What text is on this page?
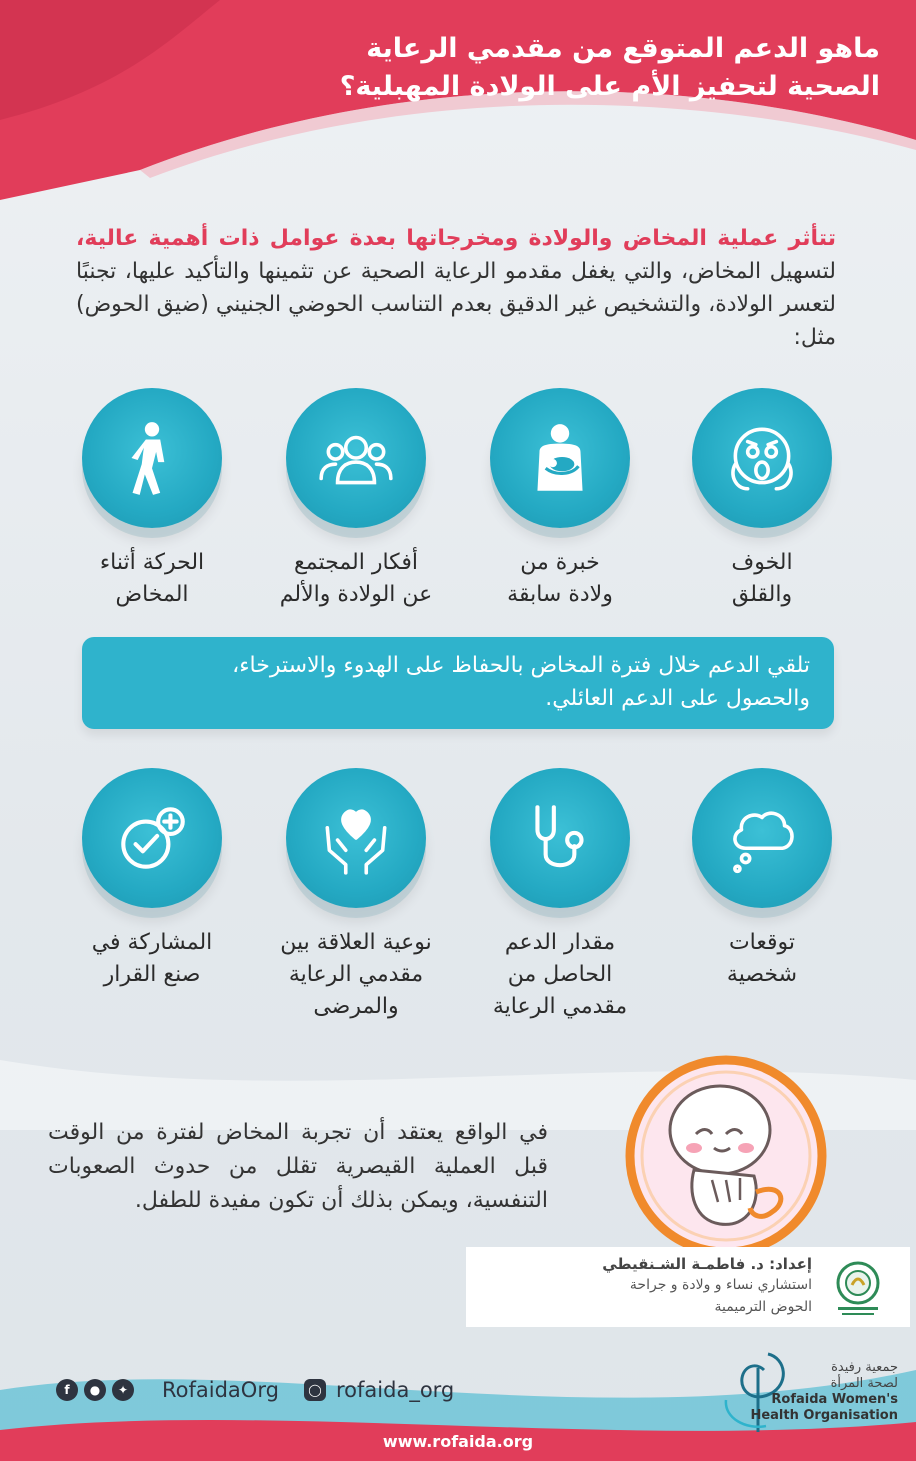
ماهو الدعم المتوقع من مقدمي الرعاية
الصحية لتحفيز الأم على الولادة المهبلية؟
تتأثر عملية المخاض والولادة ومخرجاتها بعدة عوامل ذات أهمية عالية، لتسهيل المخاض، والتي يغفل مقدمو الرعاية الصحية عن تثمينها والتأكيد عليها، تجنبًا لتعسر الولادة، والتشخيص غير الدقيق بعدم التناسب الحوضي الجنيني (ضيق الحوض) مثل:
الخوف
والقلق
خبرة من
ولادة سابقة
أفكار المجتمع
عن الولادة والألم
الحركة أثناء
المخاض
تلقي الدعم خلال فترة المخاض بالحفاظ على الهدوء والاسترخاء،
والحصول على الدعم العائلي.
توقعات
شخصية
مقدار الدعم
الحاصل من
مقدمي الرعاية
نوعية العلاقة بين
مقدمي الرعاية
والمرضى
المشاركة في
صنع القرار
في الواقع يعتقد أن تجربة المخاض لفترة من الوقت قبل العملية القيصرية تقلل من حدوث الصعوبات التنفسية، ويمكن بذلك أن تكون مفيدة للطفل.
إعداد: د. فاطمـة الشـنقيطي
استشاري نساء و ولادة و جراحة
الحوض الترميمية
f	●	✦ RofaidaOrg	◯ rofaida_org
جمعية رفيدة
لصحة المرأة
Rofaida Women's
Health Organisation
www.rofaida.org
